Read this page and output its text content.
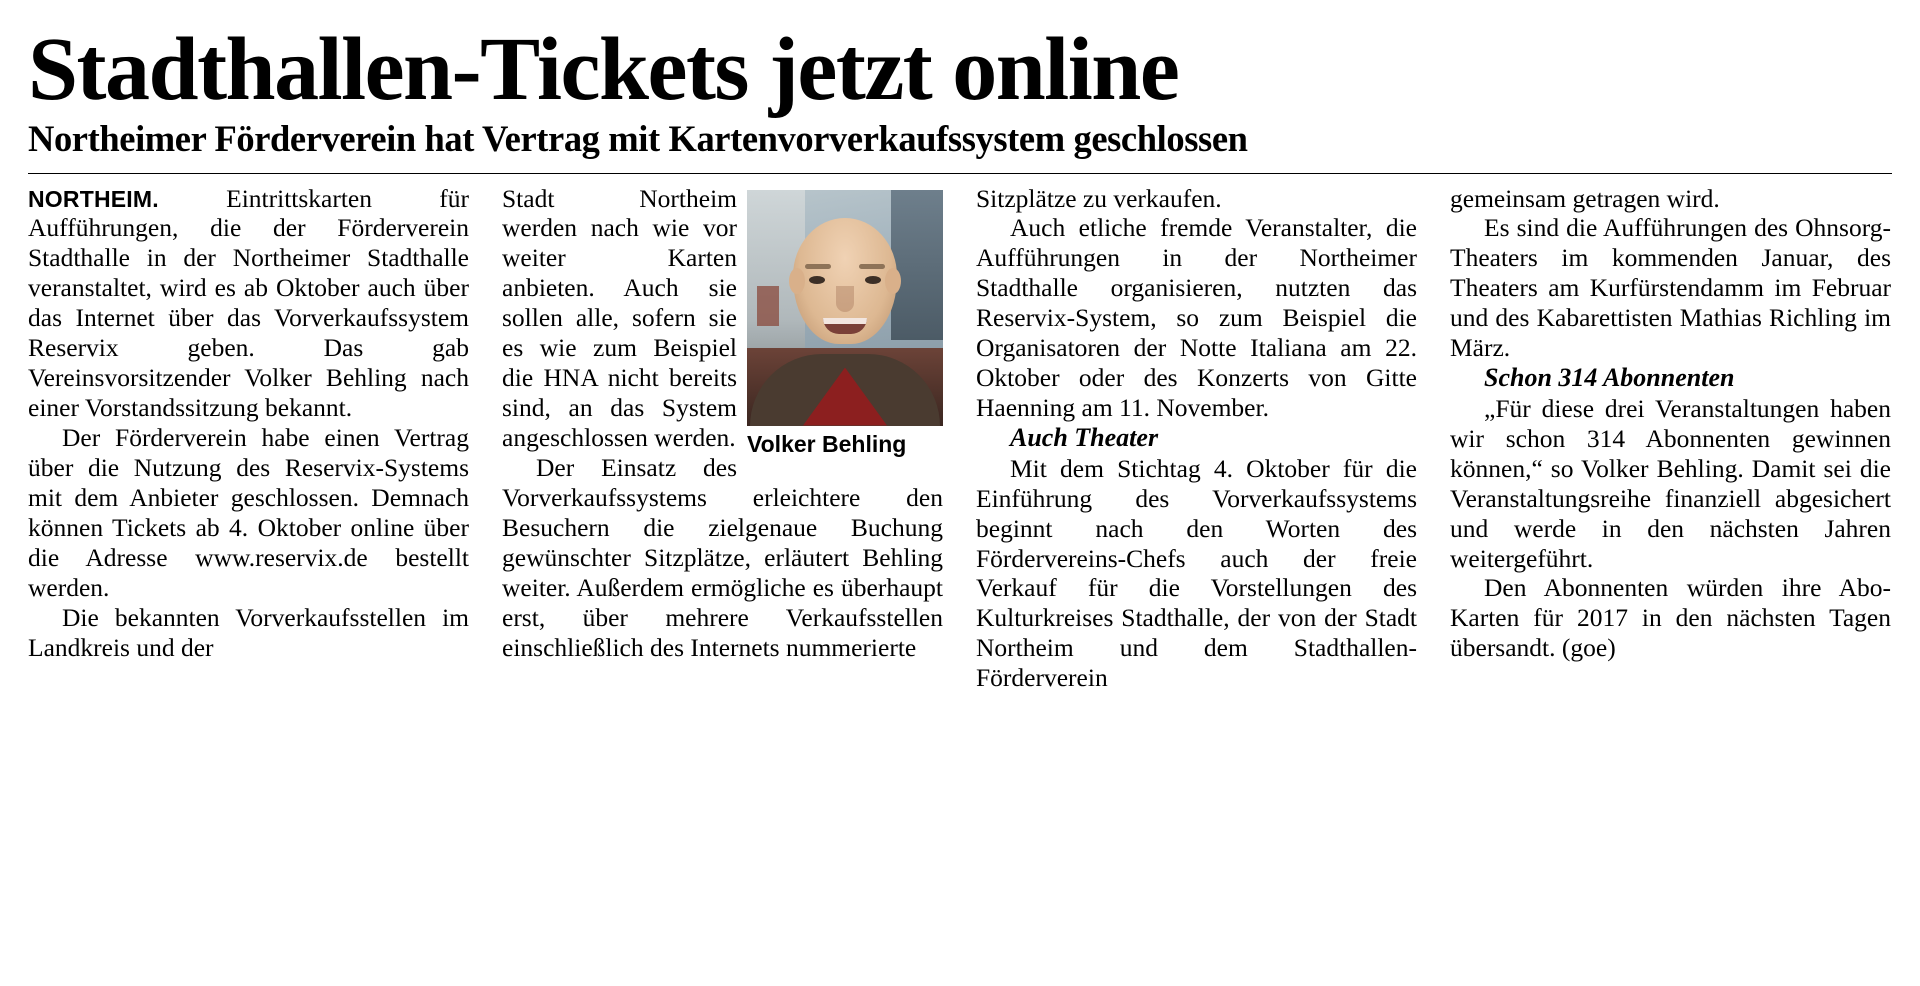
Stadthallen-Tickets jetzt online
Northeimer Förderverein hat Vertrag mit Kartenvorverkaufssystem geschlossen

NORTHEIM. Eintrittskarten für Aufführungen, die der Förderverein Stadthalle in der Northeimer Stadthalle veranstaltet, wird es ab Oktober auch über das Internet über das Vorverkaufssystem Reservix geben. Das gab Vereinsvorsitzender Volker Behling nach einer Vorstandssitzung bekannt.

Der Förderverein habe einen Vertrag über die Nutzung des Reservix-Systems mit dem Anbieter geschlossen. Demnach können Tickets ab 4. Oktober online über die Adresse www.reservix.de bestellt werden.

Die bekannten Vorverkaufsstellen im Landkreis und der

Volker Behling

Stadt Northeim werden nach wie vor weiter Karten anbieten. Auch sie sollen alle, sofern sie es wie zum Beispiel die HNA nicht bereits sind, an das System angeschlossen werden.

Der Einsatz des Vorverkaufssystems erleichtere den Besuchern die zielgenaue Buchung gewünschter Sitzplätze, erläutert Behling weiter. Außerdem ermögliche es überhaupt erst, über mehrere Verkaufsstellen einschließlich des Internets nummerierte

Sitzplätze zu verkaufen.

Auch etliche fremde Veranstalter, die Aufführungen in der Northeimer Stadthalle organisieren, nutzten das Reservix-System, so zum Beispiel die Organisatoren der Notte Italiana am 22. Oktober oder des Konzerts von Gitte Haenning am 11. November.

Auch Theater

Mit dem Stichtag 4. Oktober für die Einführung des Vorverkaufssystems beginnt nach den Worten des Fördervereins-Chefs auch der freie Verkauf für die Vorstellungen des Kulturkreises Stadthalle, der von der Stadt Northeim und dem Stadthallen-Förderverein

gemeinsam getragen wird.

Es sind die Aufführungen des Ohnsorg-Theaters im kommenden Januar, des Theaters am Kurfürstendamm im Februar und des Kabarettisten Mathias Richling im März.

Schon 314 Abonnenten

„Für diese drei Veranstaltungen haben wir schon 314 Abonnenten gewinnen können,“ so Volker Behling. Damit sei die Veranstaltungsreihe finanziell abgesichert und werde in den nächsten Jahren weitergeführt.

Den Abonnenten würden ihre Abo-Karten für 2017 in den nächsten Tagen übersandt. (goe)
